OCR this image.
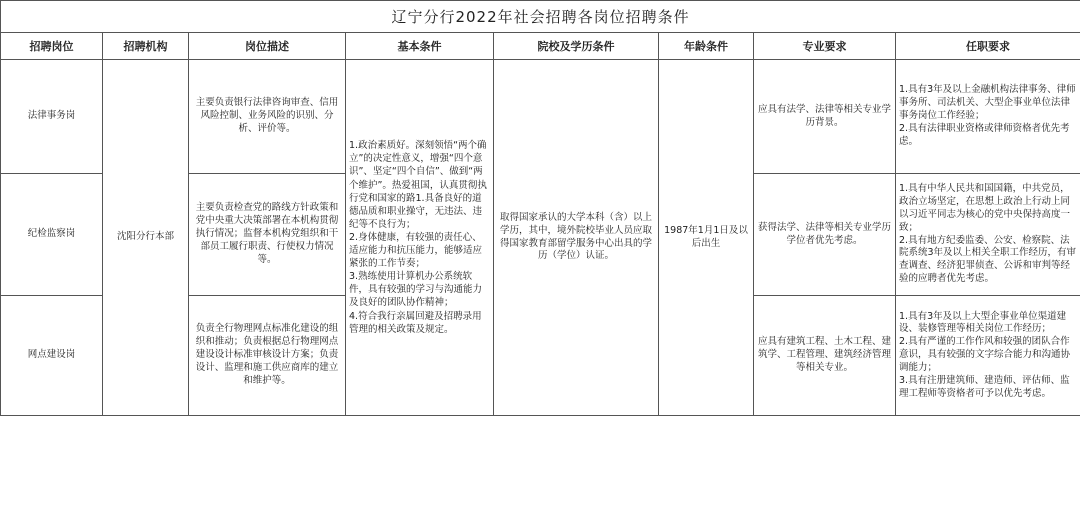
辽宁分行2022年社会招聘各岗位招聘条件							
招聘岗位	招聘机构	岗位描述	基本条件	院校及学历条件	年龄条件	专业要求	任职要求
法律事务岗	沈阳分行本部	主要负责银行法律咨询审查、信用风险控制、业务风险的识别、分析、评价等。	1.政治素质好。深刻领悟“两个确立”的决定性意义，增强“四个意识”、坚定“四个自信”、做到“两个维护”。热爱祖国，认真贯彻执行党和国家的路1.具备良好的道德品质和职业操守，无违法、违纪等不良行为；
2.身体健康，有较强的责任心、适应能力和抗压能力，能够适应紧张的工作节奏；
3.熟练使用计算机办公系统软件，具有较强的学习与沟通能力及良好的团队协作精神；
4.符合我行亲属回避及招聘录用管理的相关政策及规定。	取得国家承认的大学本科（含）以上学历，其中，境外院校毕业人员应取得国家教育部留学服务中心出具的学历（学位）认证。	1987年1月1日及以后出生	应具有法学、法律等相关专业学历背景。	1.具有3年及以上金融机构法律事务、律师事务所、司法机关、大型企事业单位法律事务岗位工作经验；
2.具有法律职业资格或律师资格者优先考虑。
纪检监察岗		主要负责检查党的路线方针政策和党中央重大决策部署在本机构贯彻执行情况；监督本机构党组织和干部员工履行职责、行使权力情况等。				获得法学、法律等相关专业学历学位者优先考虑。	1.具有中华人民共和国国籍，中共党员，政治立场坚定，在思想上政治上行动上同以习近平同志为核心的党中央保持高度一致；
2.具有地方纪委监委、公安、检察院、法院系统3年及以上相关全职工作经历，有审查调查、经济犯罪侦查、公诉和审判等经验的应聘者优先考虑。
网点建设岗		负责全行物理网点标准化建设的组织和推动；负责根据总行物理网点建设设计标准审核设计方案；负责设计、监理和施工供应商库的建立和维护等。				应具有建筑工程、土木工程、建筑学、工程管理、建筑经济管理等相关专业。	1.具有3年及以上大型企事业单位渠道建设、装修管理等相关岗位工作经历；
2.具有严谨的工作作风和较强的团队合作意识，具有较强的文字综合能力和沟通协调能力；
3.具有注册建筑师、建造师、评估师、监理工程师等资格者可予以优先考虑。
